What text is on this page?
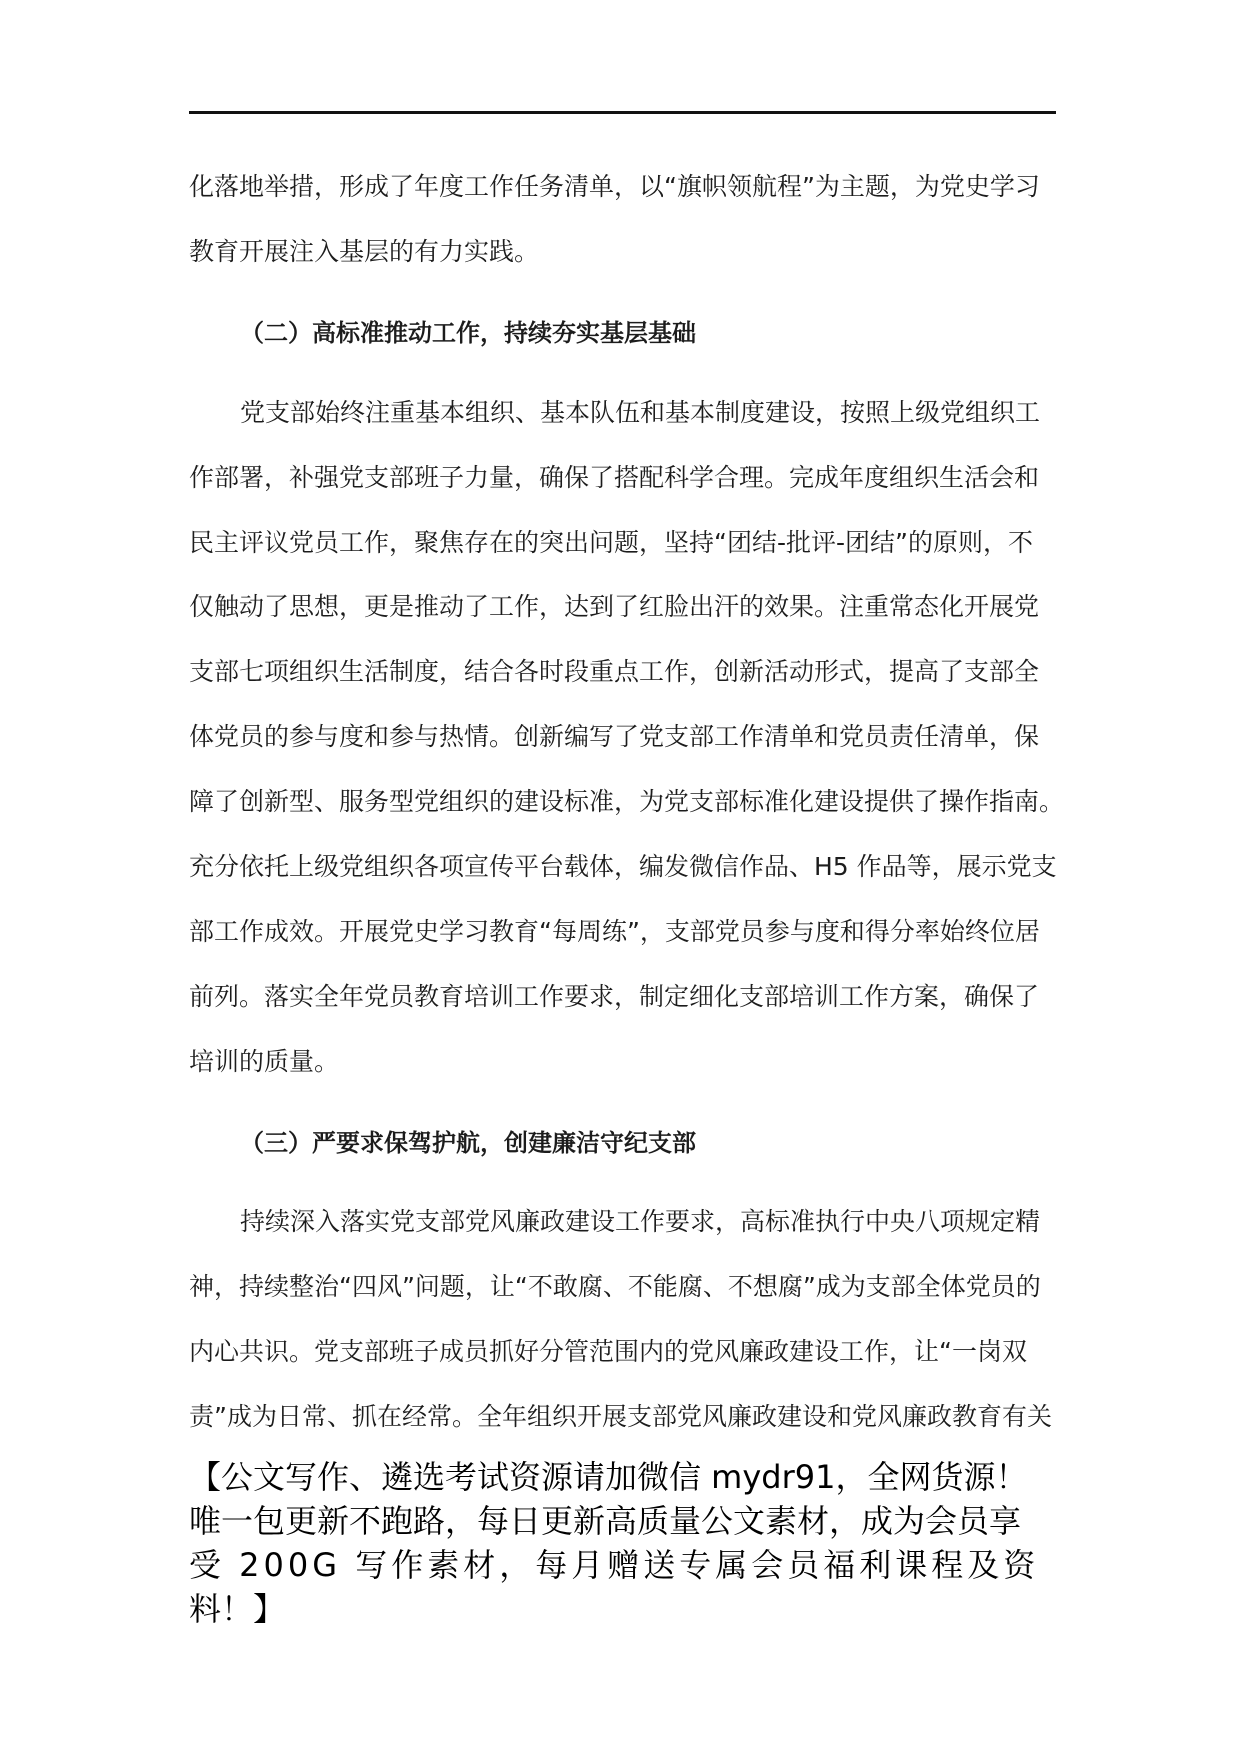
化落地举措，形成了年度工作任务清单，以“旗帜领航程”为主题，为党史学习
教育开展注入基层的有力实践。
（二）高标准推动工作，持续夯实基层基础
党支部始终注重基本组织、基本队伍和基本制度建设，按照上级党组织工
作部署，补强党支部班子力量，确保了搭配科学合理。完成年度组织生活会和
民主评议党员工作，聚焦存在的突出问题，坚持“团结-批评-团结”的原则，不
仅触动了思想，更是推动了工作，达到了红脸出汗的效果。注重常态化开展党
支部七项组织生活制度，结合各时段重点工作，创新活动形式，提高了支部全
体党员的参与度和参与热情。创新编写了党支部工作清单和党员责任清单，保
障了创新型、服务型党组织的建设标准，为党支部标准化建设提供了操作指南。
充分依托上级党组织各项宣传平台载体，编发微信作品、H5 作品等，展示党支
部工作成效。开展党史学习教育“每周练”，支部党员参与度和得分率始终位居
前列。落实全年党员教育培训工作要求，制定细化支部培训工作方案，确保了
培训的质量。
（三）严要求保驾护航，创建廉洁守纪支部
持续深入落实党支部党风廉政建设工作要求，高标准执行中央八项规定精
神，持续整治“四风”问题，让“不敢腐、不能腐、不想腐”成为支部全体党员的
内心共识。党支部班子成员抓好分管范围内的党风廉政建设工作，让“一岗双
责”成为日常、抓在经常。全年组织开展支部党风廉政建设和党风廉政教育有关
【公文写作、遴选考试资源请加微信 mydr91，全网货源！
唯一包更新不跑路，每日更新高质量公文素材，成为会员享
受 200G 写作素材，每月赠送专属会员福利课程及资
料！】
